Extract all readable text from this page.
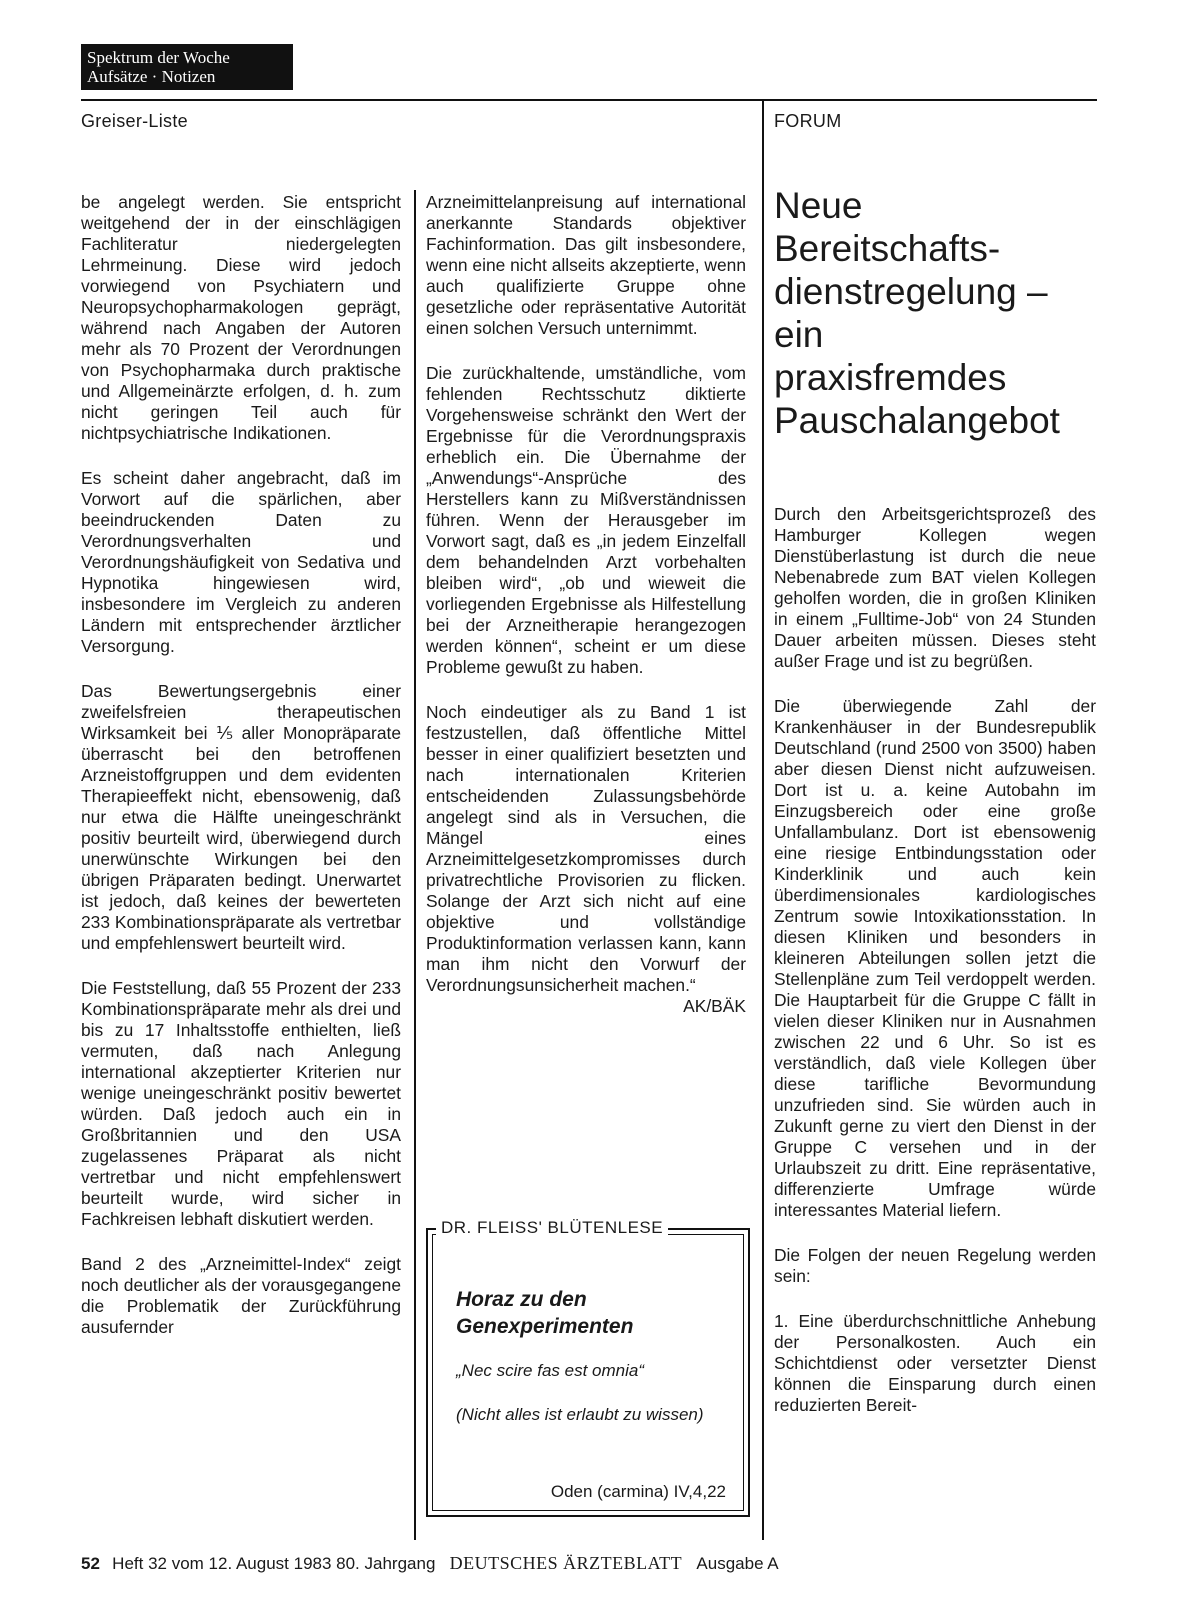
Spektrum der Woche
Aufsätze · Notizen
Greiser-Liste	FORUM

be angelegt werden. Sie entspricht weitgehend der in der einschlägigen Fachliteratur niedergelegten Lehrmeinung. Diese wird jedoch vorwiegend von Psychiatern und Neuropsychopharmakologen geprägt, während nach Angaben der Autoren mehr als 70 Prozent der Verordnungen von Psychopharmaka durch praktische und Allgemeinärzte erfolgen, d. h. zum nicht geringen Teil auch für nichtpsychiatrische Indikationen.

Es scheint daher angebracht, daß im Vorwort auf die spärlichen, aber beeindruckenden Daten zu Verordnungsverhalten und Verordnungshäufigkeit von Sedativa und Hypnotika hingewiesen wird, insbesondere im Vergleich zu anderen Ländern mit entsprechender ärztlicher Versorgung.

Das Bewertungsergebnis einer zweifelsfreien therapeutischen Wirksamkeit bei ⅕ aller Monopräparate überrascht bei den betroffenen Arzneistoffgruppen und dem evidenten Therapieeffekt nicht, ebensowenig, daß nur etwa die Hälfte uneingeschränkt positiv beurteilt wird, überwiegend durch unerwünschte Wirkungen bei den übrigen Präparaten bedingt. Unerwartet ist jedoch, daß keines der bewerteten 233 Kombinationspräparate als vertretbar und empfehlenswert beurteilt wird.

Die Feststellung, daß 55 Prozent der 233 Kombinationspräparate mehr als drei und bis zu 17 Inhaltsstoffe enthielten, ließ vermuten, daß nach Anlegung international akzeptierter Kriterien nur wenige uneingeschränkt positiv bewertet würden. Daß jedoch auch ein in Großbritannien und den USA zugelassenes Präparat als nicht vertretbar und nicht empfehlenswert beurteilt wurde, wird sicher in Fachkreisen lebhaft diskutiert werden.

Band 2 des „Arzneimittel-Index“ zeigt noch deutlicher als der vorausgegangene die Problematik der Zurückführung ausufernder

Arzneimittelanpreisung auf international anerkannte Standards objektiver Fachinformation. Das gilt insbesondere, wenn eine nicht allseits akzeptierte, wenn auch qualifizierte Gruppe ohne gesetzliche oder repräsentative Autorität einen solchen Versuch unternimmt.

Die zurückhaltende, umständliche, vom fehlenden Rechtsschutz diktierte Vorgehensweise schränkt den Wert der Ergebnisse für die Verordnungspraxis erheblich ein. Die Übernahme der „Anwendungs“-Ansprüche des Herstellers kann zu Mißverständnissen führen. Wenn der Herausgeber im Vorwort sagt, daß es „in jedem Einzelfall dem behandelnden Arzt vorbehalten bleiben wird“, „ob und wieweit die vorliegenden Ergebnisse als Hilfestellung bei der Arzneitherapie herangezogen werden können“, scheint er um diese Probleme gewußt zu haben.

Noch eindeutiger als zu Band 1 ist festzustellen, daß öffentliche Mittel besser in einer qualifiziert besetzten und nach internationalen Kriterien entscheidenden Zulassungsbehörde angelegt sind als in Versuchen, die Mängel eines Arzneimittelgesetzkompromisses durch privatrechtliche Provisorien zu flicken. Solange der Arzt sich nicht auf eine objektive und vollständige Produktinformation verlassen kann, kann man ihm nicht den Vorwurf der Verordnungsunsicherheit machen.“

AK/BÄK
DR. FLEISS' BLÜTENLESE
Horaz zu den
Genexperimenten
„Nec scire fas est omnia“
(Nicht alles ist erlaubt zu wissen)
Oden (carmina) IV,4,22
Neue
Bereitschafts-
dienstregelung –
ein
praxisfremdes
Pauschalangebot

Durch den Arbeitsgerichtsprozeß des Hamburger Kollegen wegen Dienstüberlastung ist durch die neue Nebenabrede zum BAT vielen Kollegen geholfen worden, die in großen Kliniken in einem „Fulltime-Job“ von 24 Stunden Dauer arbeiten müssen. Dieses steht außer Frage und ist zu begrüßen.

Die überwiegende Zahl der Krankenhäuser in der Bundesrepublik Deutschland (rund 2500 von 3500) haben aber diesen Dienst nicht aufzuweisen. Dort ist u. a. keine Autobahn im Einzugsbereich oder eine große Unfallambulanz. Dort ist ebensowenig eine riesige Entbindungsstation oder Kinderklinik und auch kein überdimensionales kardiologisches Zentrum sowie Intoxikationsstation. In diesen Kliniken und besonders in kleineren Abteilungen sollen jetzt die Stellenpläne zum Teil verdoppelt werden. Die Hauptarbeit für die Gruppe C fällt in vielen dieser Kliniken nur in Ausnahmen zwischen 22 und 6 Uhr. So ist es verständlich, daß viele Kollegen über diese tarifliche Bevormundung unzufrieden sind. Sie würden auch in Zukunft gerne zu viert den Dienst in der Gruppe C versehen und in der Urlaubszeit zu dritt. Eine repräsentative, differenzierte Umfrage würde interessantes Material liefern.

Die Folgen der neuen Regelung werden sein:

1. Eine überdurchschnittliche Anhebung der Personalkosten. Auch ein Schichtdienst oder versetzter Dienst können die Einsparung durch einen reduzierten Bereit-

52 Heft 32 vom 12. August 1983 80. Jahrgang DEUTSCHES ÄRZTEBLATT Ausgabe A
